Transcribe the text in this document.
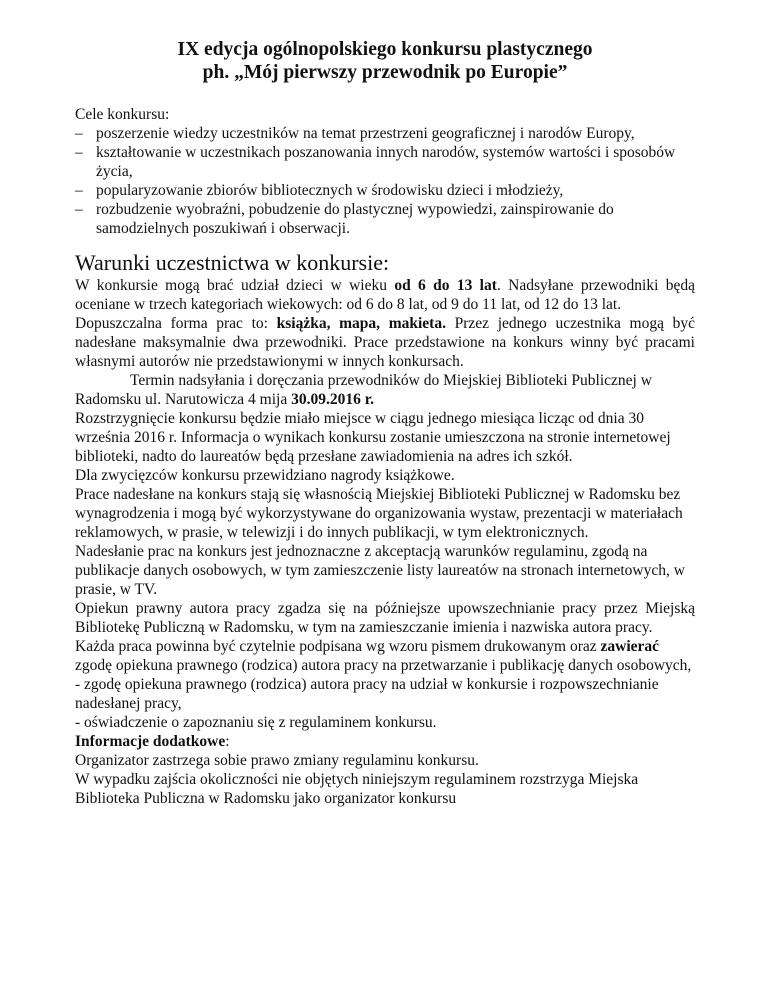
IX edycja ogólnopolskiego konkursu plastycznego
ph. „Mój pierwszy przewodnik po Europie”

Cele konkursu:

– poszerzenie wiedzy uczestników na temat przestrzeni geograficznej i narodów Europy,
– kształtowanie w uczestnikach poszanowania innych narodów, systemów wartości i sposobów życia,
– popularyzowanie zbiorów bibliotecznych w środowisku dzieci i młodzieży,
– rozbudzenie wyobraźni, pobudzenie do plastycznej wypowiedzi, zainspirowanie do samodzielnych poszukiwań i obserwacji.
Warunki uczestnictwa w konkursie:

W konkursie mogą brać udział dzieci w wieku od 6 do 13 lat. Nadsyłane przewodniki będą oceniane w trzech kategoriach wiekowych: od 6 do 8 lat, od 9 do 11 lat, od 12 do 13 lat.

Dopuszczalna forma prac to: książka, mapa, makieta. Przez jednego uczestnika mogą być nadesłane maksymalnie dwa przewodniki. Prace przedstawione na konkurs winny być pracami własnymi autorów nie przedstawionymi w innych konkursach.

Termin nadsyłania i doręczania przewodników do Miejskiej Biblioteki Publicznej w Radomsku ul. Narutowicza 4 mija 30.09.2016 r.

Rozstrzygnięcie konkursu będzie miało miejsce w ciągu jednego miesiąca licząc od dnia 30 września 2016 r. Informacja o wynikach konkursu zostanie umieszczona na stronie internetowej biblioteki, nadto do laureatów będą przesłane zawiadomienia na adres ich szkół.

Dla zwycięzców konkursu przewidziano nagrody książkowe.

Prace nadesłane na konkurs stają się własnością Miejskiej Biblioteki Publicznej w Radomsku bez wynagrodzenia i mogą być wykorzystywane do organizowania wystaw, prezentacji w materiałach reklamowych, w prasie, w telewizji i do innych publikacji, w tym elektronicznych.

Nadesłanie prac na konkurs jest jednoznaczne z akceptacją warunków regulaminu, zgodą na publikacje danych osobowych, w tym zamieszczenie listy laureatów na stronach internetowych, w prasie, w TV.

Opiekun prawny autora pracy zgadza się na późniejsze upowszechnianie pracy przez Miejską Bibliotekę Publiczną w Radomsku, w tym na zamieszczanie imienia i nazwiska autora pracy.

Każda praca powinna być czytelnie podpisana wg wzoru pismem drukowanym oraz zawierać zgodę opiekuna prawnego (rodzica) autora pracy na przetwarzanie i publikację danych osobowych,

- zgodę opiekuna prawnego (rodzica) autora pracy na udział w konkursie i rozpowszechnianie nadesłanej pracy,

- oświadczenie o zapoznaniu się z regulaminem konkursu.

Informacje dodatkowe:

Organizator zastrzega sobie prawo zmiany regulaminu konkursu.

W wypadku zajścia okoliczności nie objętych niniejszym regulaminem rozstrzyga Miejska Biblioteka Publiczna w Radomsku jako organizator konkursu
